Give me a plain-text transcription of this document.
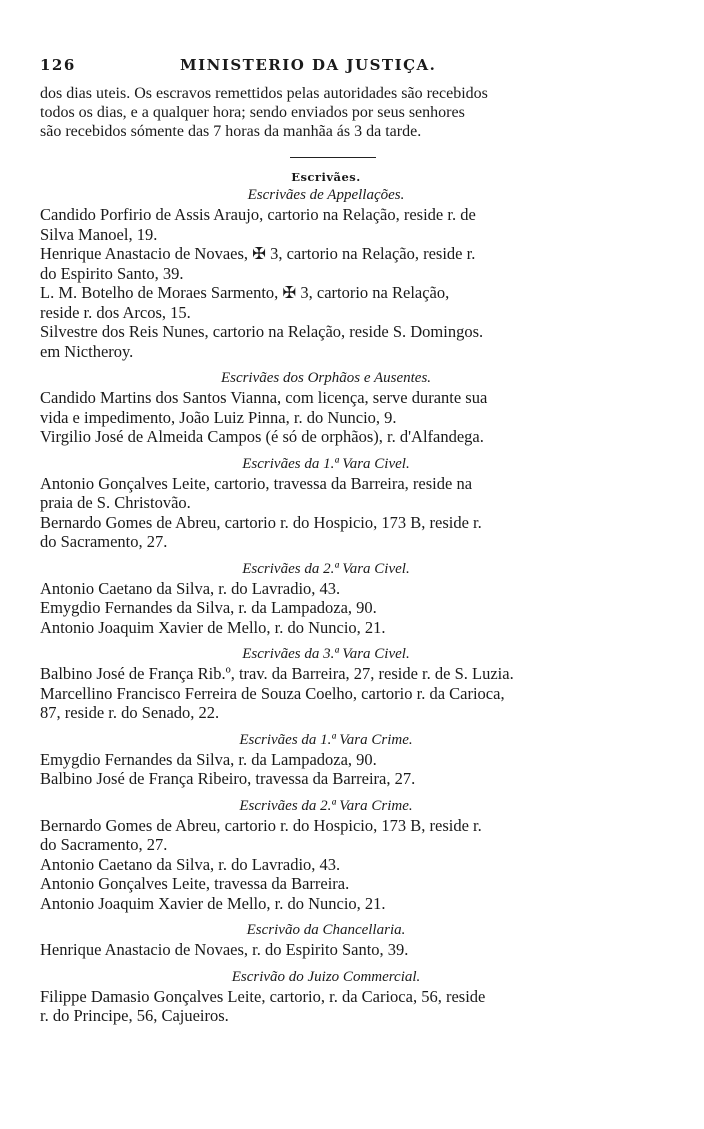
126	MINISTERIO DA JUSTIÇA.

dos dias uteis. Os escravos remettidos pelas autoridades são recebidos
todos os dias, e a qualquer hora; sendo enviados por seus senhores
são recebidos sómente das 7 horas da manhãa ás 3 da tarde.

Escrivães.

Escrivães de Appellações.

Candido Porfirio de Assis Araujo, cartorio na Relação, reside r. de
Silva Manoel, 19.

Henrique Anastacio de Novaes, ✠ 3, cartorio na Relação, reside r.
do Espirito Santo, 39.

L. M. Botelho de Moraes Sarmento, ✠ 3, cartorio na Relação,
reside r. dos Arcos, 15.

Silvestre dos Reis Nunes, cartorio na Relação, reside S. Domingos.
em Nictheroy.

Escrivães dos Orphãos e Ausentes.

Candido Martins dos Santos Vianna, com licença, serve durante sua
vida e impedimento, João Luiz Pinna, r. do Nuncio, 9.

Virgilio José de Almeida Campos (é só de orphãos), r. d'Alfandega.

Escrivães da 1.ª Vara Civel.

Antonio Gonçalves Leite, cartorio, travessa da Barreira, reside na
praia de S. Christovão.

Bernardo Gomes de Abreu, cartorio r. do Hospicio, 173 B, reside r.
do Sacramento, 27.

Escrivães da 2.ª Vara Civel.

Antonio Caetano da Silva, r. do Lavradio, 43.

Emygdio Fernandes da Silva, r. da Lampadoza, 90.

Antonio Joaquim Xavier de Mello, r. do Nuncio, 21.

Escrivães da 3.ª Vara Civel.

Balbino José de França Rib.º, trav. da Barreira, 27, reside r. de S. Luzia.

Marcellino Francisco Ferreira de Souza Coelho, cartorio r. da Carioca,
87, reside r. do Senado, 22.

Escrivães da 1.ª Vara Crime.

Emygdio Fernandes da Silva, r. da Lampadoza, 90.

Balbino José de França Ribeiro, travessa da Barreira, 27.

Escrivães da 2.ª Vara Crime.

Bernardo Gomes de Abreu, cartorio r. do Hospicio, 173 B, reside r.
do Sacramento, 27.

Antonio Caetano da Silva, r. do Lavradio, 43.

Antonio Gonçalves Leite, travessa da Barreira.

Antonio Joaquim Xavier de Mello, r. do Nuncio, 21.

Escrivão da Chancellaria.

Henrique Anastacio de Novaes, r. do Espirito Santo, 39.

Escrivão do Juizo Commercial.

Filippe Damasio Gonçalves Leite, cartorio, r. da Carioca, 56, reside
r. do Principe, 56, Cajueiros.
